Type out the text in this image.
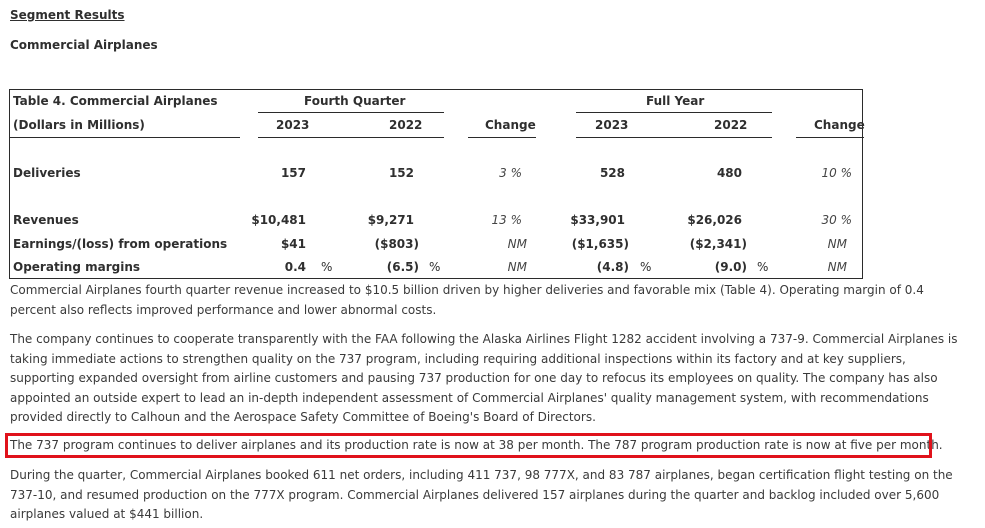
Segment Results
Commercial Airplanes
Table 4. Commercial Airplanes	Fourth Quarter	Full Year
(Dollars in Millions)	2023	2022	Change	2023	2022	Change
Deliveries	157	152	3 %	528	480	10 %
Revenues	$10,481	$9,271	13 %	$33,901	$26,026	30 %
Earnings/(loss) from operations	$41	($803)	NM	($1,635)	($2,341)	NM
Operating margins	0.4 %	(6.5) %	NM	(4.8) %	(9.0) %	NM
Commercial Airplanes fourth quarter revenue increased to $10.5 billion driven by higher deliveries and favorable mix (Table 4). Operating margin of 0.4 percent also reflects improved performance and lower abnormal costs.
The company continues to cooperate transparently with the FAA following the Alaska Airlines Flight 1282 accident involving a 737-9. Commercial Airplanes is taking immediate actions to strengthen quality on the 737 program, including requiring additional inspections within its factory and at key suppliers, supporting expanded oversight from airline customers and pausing 737 production for one day to refocus its employees on quality. The company has also appointed an outside expert to lead an in-depth independent assessment of Commercial Airplanes' quality management system, with recommendations provided directly to Calhoun and the Aerospace Safety Committee of Boeing's Board of Directors.
The 737 program continues to deliver airplanes and its production rate is now at 38 per month. The 787 program production rate is now at five per month.
During the quarter, Commercial Airplanes booked 611 net orders, including 411 737, 98 777X, and 83 787 airplanes, began certification flight testing on the 737-10, and resumed production on the 777X program. Commercial Airplanes delivered 157 airplanes during the quarter and backlog included over 5,600 airplanes valued at $441 billion.
